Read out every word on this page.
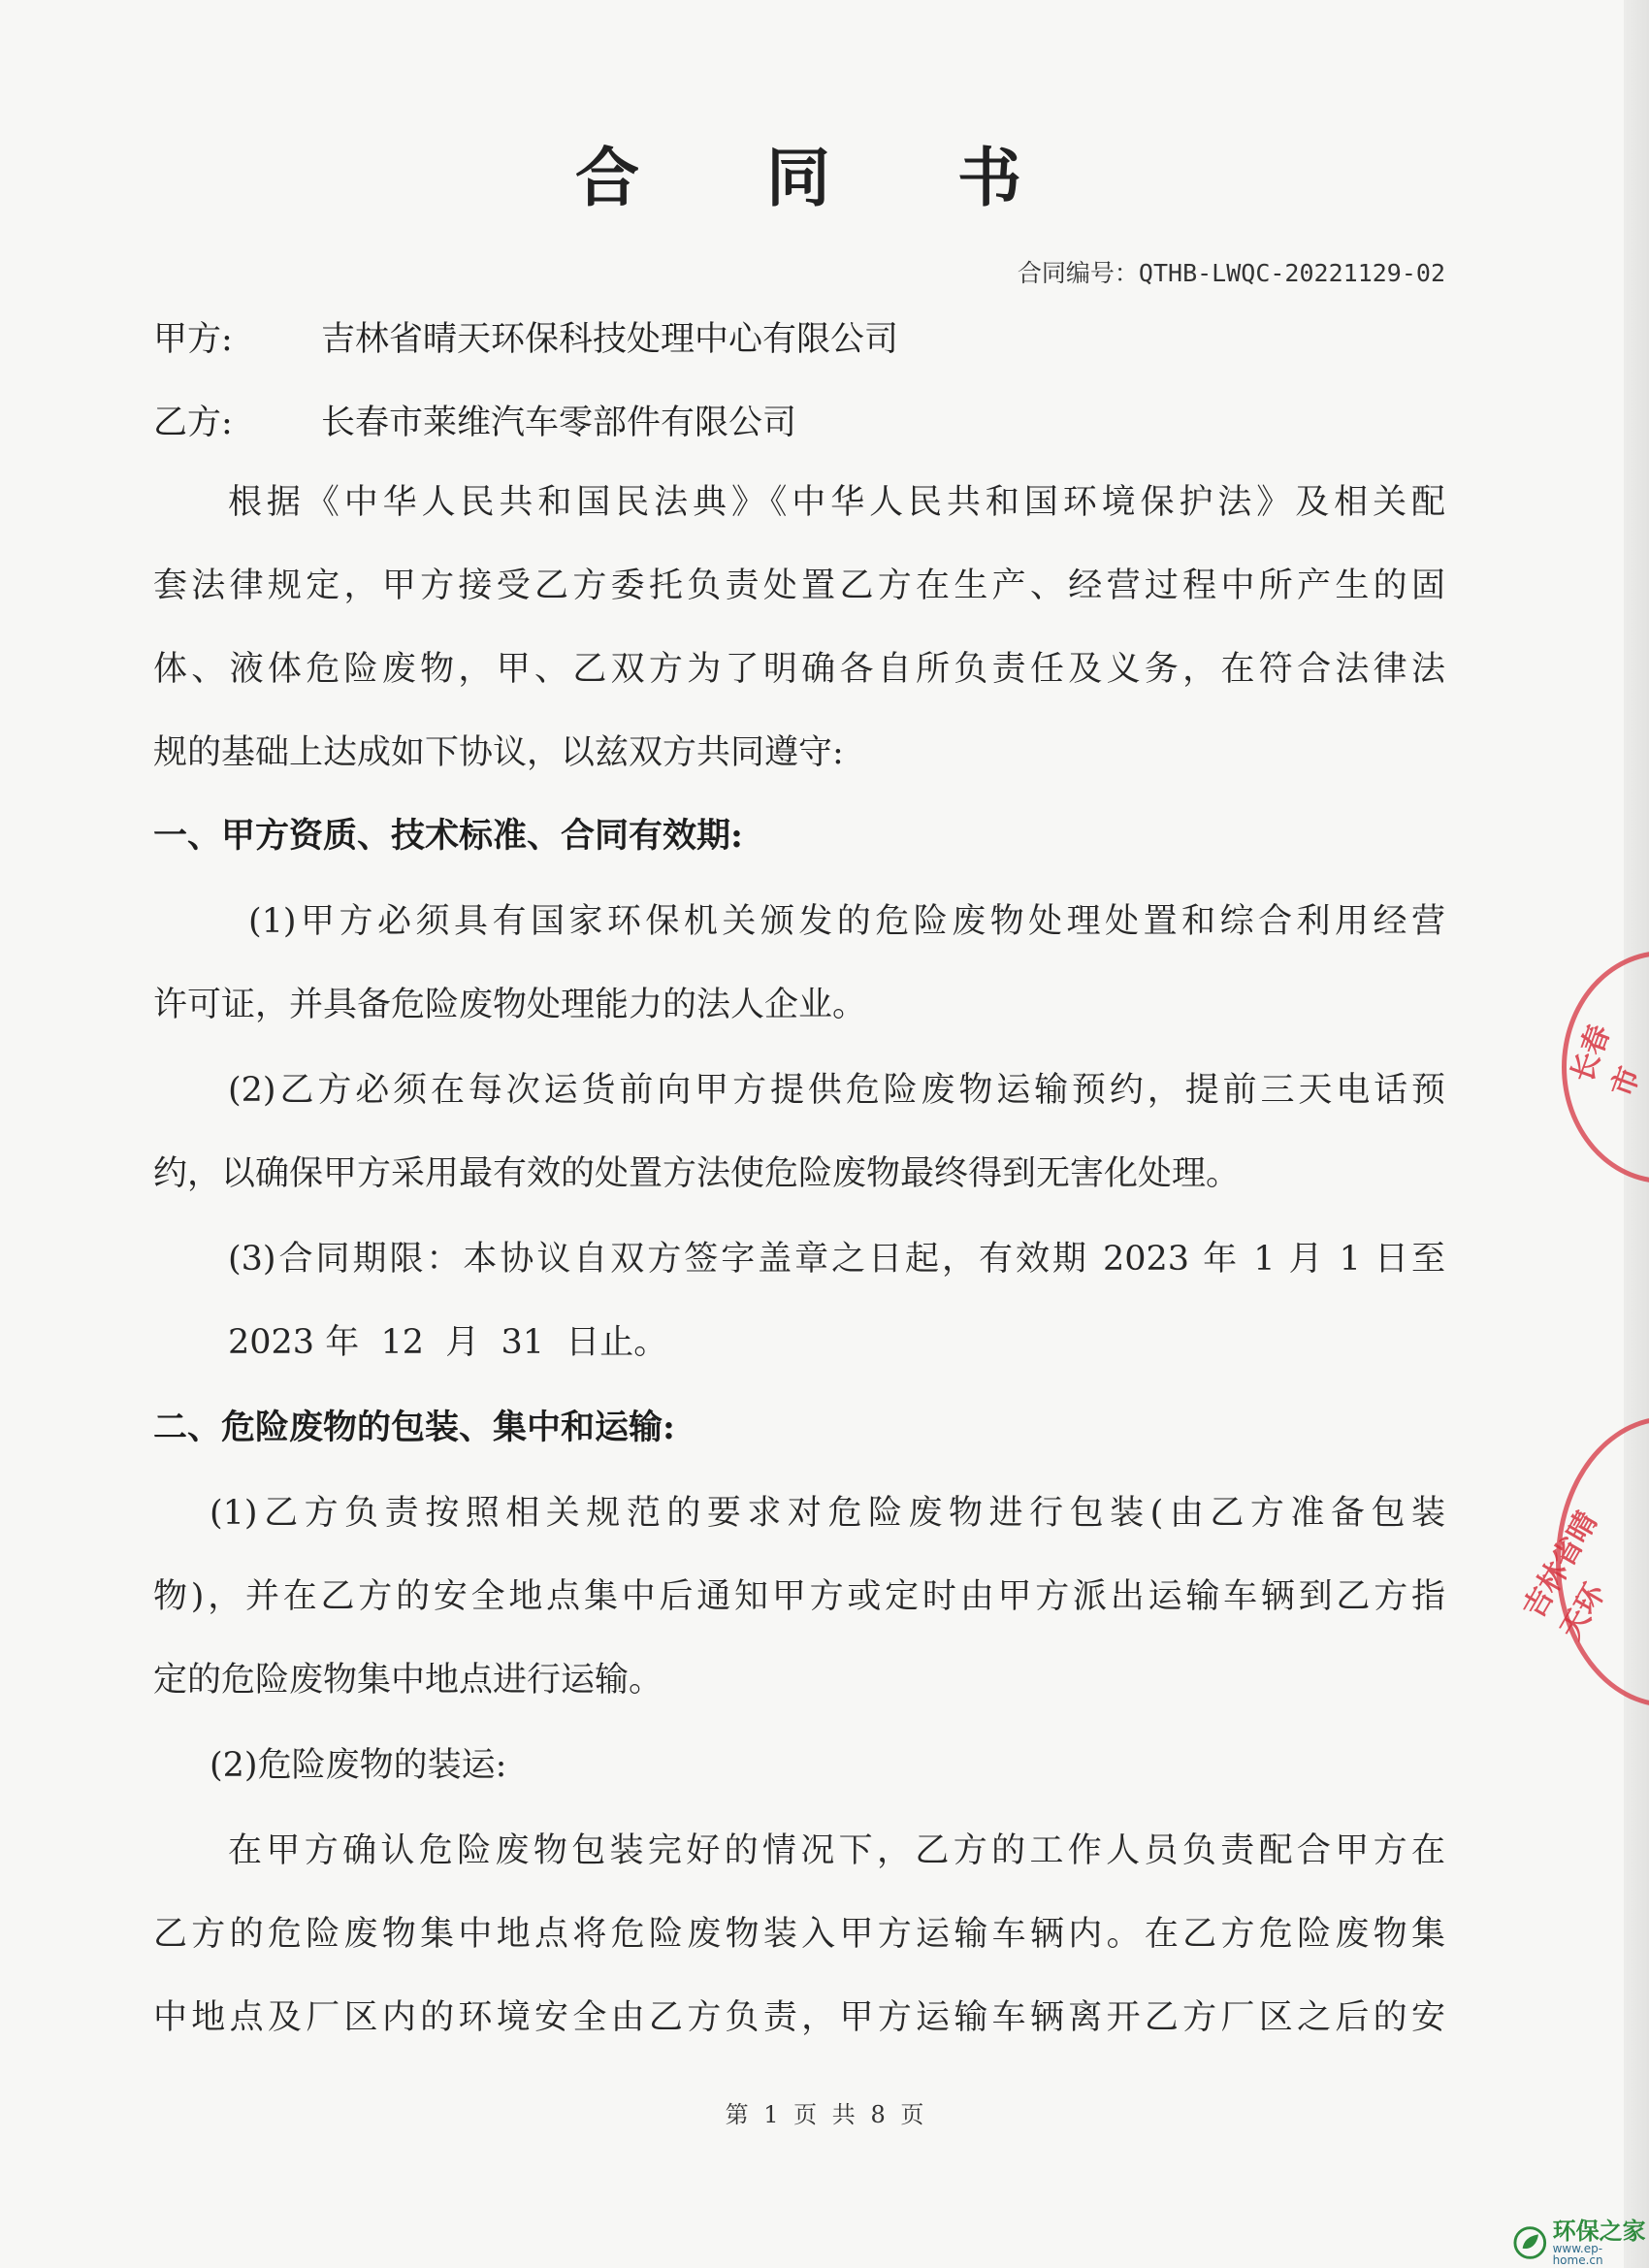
合 同 书
合同编号：QTHB-LWQC-20221129-02
甲方:	吉林省晴天环保科技处理中心有限公司
乙方:	长春市莱维汽车零部件有限公司
根据《中华人民共和国民法典》《中华人民共和国环境保护法》及相关配
套法律规定，甲方接受乙方委托负责处置乙方在生产、经营过程中所产生的固
体、液体危险废物，甲、乙双方为了明确各自所负责任及义务，在符合法律法
规的基础上达成如下协议，以兹双方共同遵守:
一、甲方资质、技术标准、合同有效期:
(1)甲方必须具有国家环保机关颁发的危险废物处理处置和综合利用经营
许可证，并具备危险废物处理能力的法人企业。
(2)乙方必须在每次运货前向甲方提供危险废物运输预约，提前三天电话预
约，以确保甲方采用最有效的处置方法使危险废物最终得到无害化处理。
(3)合同期限：本协议自双方签字盖章之日起，有效期 2023 年 1 月 1 日至
2023 年  12  月  31  日止。
二、危险废物的包装、集中和运输:
(1)乙方负责按照相关规范的要求对危险废物进行包装(由乙方准备包装
物)，并在乙方的安全地点集中后通知甲方或定时由甲方派出运输车辆到乙方指
定的危险废物集中地点进行运输。
(2)危险废物的装运:
在甲方确认危险废物包装完好的情况下，乙方的工作人员负责配合甲方在
乙方的危险废物集中地点将危险废物装入甲方运输车辆内。在乙方危险废物集
中地点及厂区内的环境安全由乙方负责，甲方运输车辆离开乙方厂区之后的安
第 1 页 共 8 页
长春市
吉林省晴天环
环保之家
www.ep-home.cn
